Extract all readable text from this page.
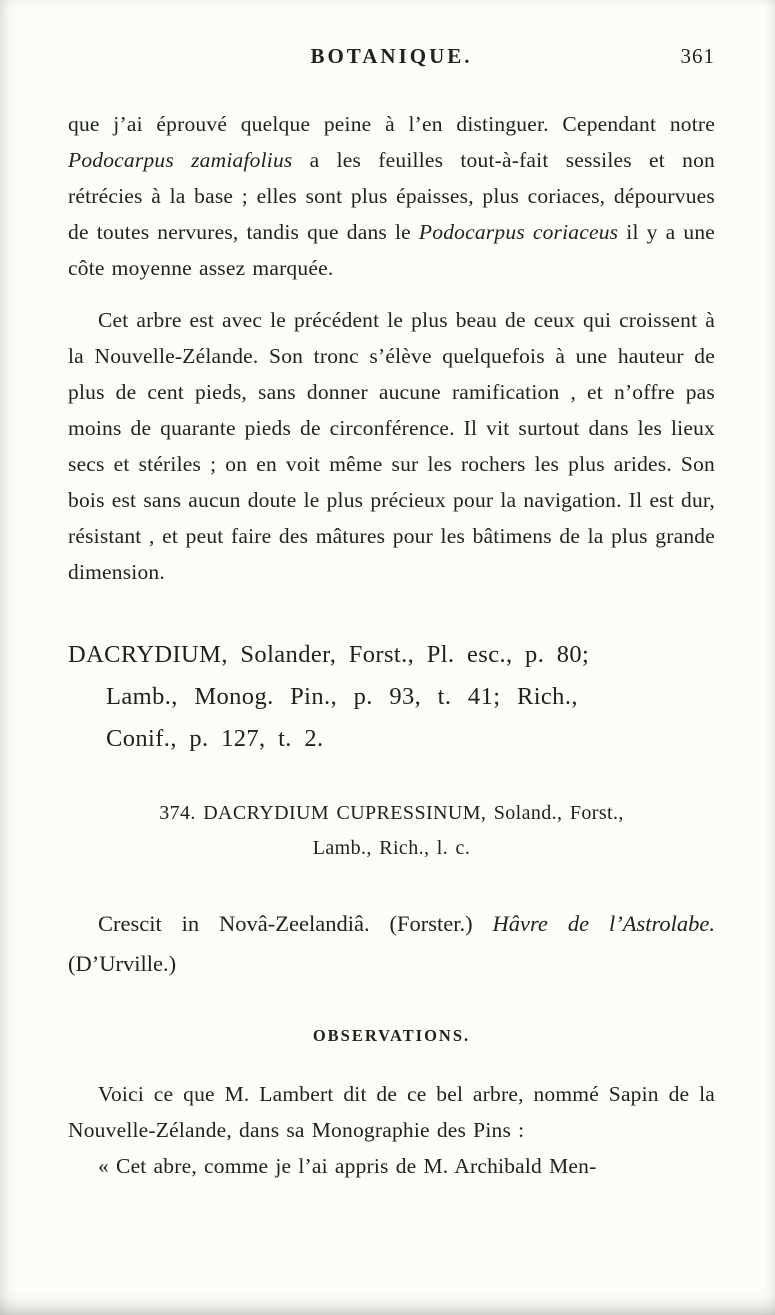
BOTANIQUE.	361

que j’ai éprouvé quelque peine à l’en distinguer. Cependant notre Podocarpus zamiafolius a les feuilles tout-à-fait sessiles et non rétrécies à la base ; elles sont plus épaisses, plus coriaces, dépourvues de toutes nervures, tandis que dans le Podocarpus coriaceus il y a une côte moyenne assez marquée.

Cet arbre est avec le précédent le plus beau de ceux qui croissent à la Nouvelle-Zélande. Son tronc s’élève quelquefois à une hauteur de plus de cent pieds, sans donner aucune ramification , et n’offre pas moins de quarante pieds de circonférence. Il vit surtout dans les lieux secs et stériles ; on en voit même sur les rochers les plus arides. Son bois est sans aucun doute le plus précieux pour la navigation. Il est dur, résistant , et peut faire des mâtures pour les bâtimens de la plus grande dimension.

DACRYDIUM, Solander, Forst., Pl. esc., p. 80;
Lamb., Monog. Pin., p. 93, t. 41; Rich.,
Conif., p. 127, t. 2.
374. DACRYDIUM CUPRESSINUM, Soland., Forst.,
Lamb., Rich., l. c.

Crescit in Novâ-Zeelandiâ. (Forster.) Hâvre de l’Astrolabe. (D’Urville.)

OBSERVATIONS.

Voici ce que M. Lambert dit de ce bel arbre, nommé Sapin de la Nouvelle-Zélande, dans sa Monographie des Pins :

« Cet abre, comme je l’ai appris de M. Archibald Men-
